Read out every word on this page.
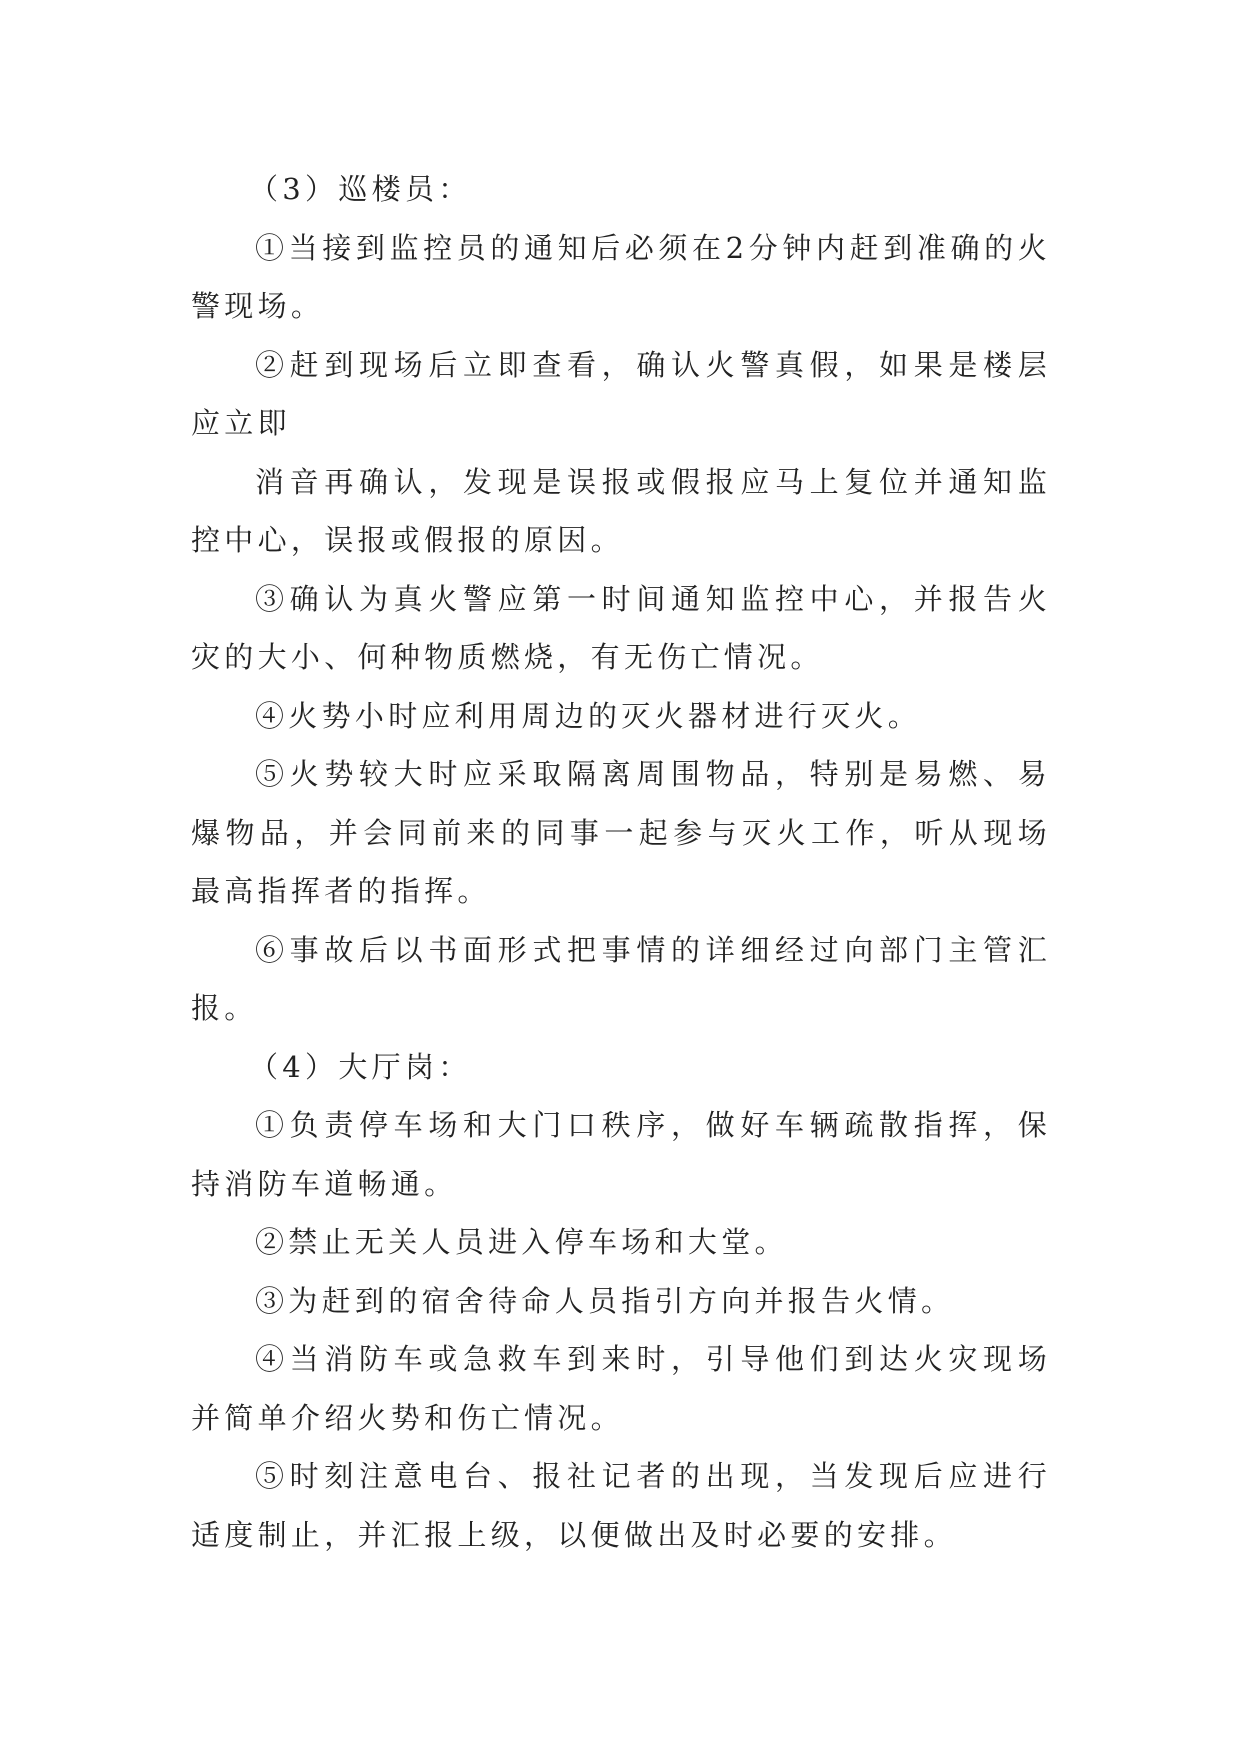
（3）巡楼员：

①当接到监控员的通知后必须在2分钟内赶到准确的火警现场。

②赶到现场后立即查看，确认火警真假，如果是楼层应立即

消音再确认，发现是误报或假报应马上复位并通知监控中心，误报或假报的原因。

③确认为真火警应第一时间通知监控中心，并报告火灾的大小、何种物质燃烧，有无伤亡情况。

④火势小时应利用周边的灭火器材进行灭火。

⑤火势较大时应采取隔离周围物品，特别是易燃、易爆物品，并会同前来的同事一起参与灭火工作，听从现场最高指挥者的指挥。

⑥事故后以书面形式把事情的详细经过向部门主管汇报。

（4）大厅岗：

①负责停车场和大门口秩序，做好车辆疏散指挥，保持消防车道畅通。

②禁止无关人员进入停车场和大堂。

③为赶到的宿舍待命人员指引方向并报告火情。

④当消防车或急救车到来时，引导他们到达火灾现场并简单介绍火势和伤亡情况。

⑤时刻注意电台、报社记者的出现，当发现后应进行适度制止，并汇报上级，以便做出及时必要的安排。
